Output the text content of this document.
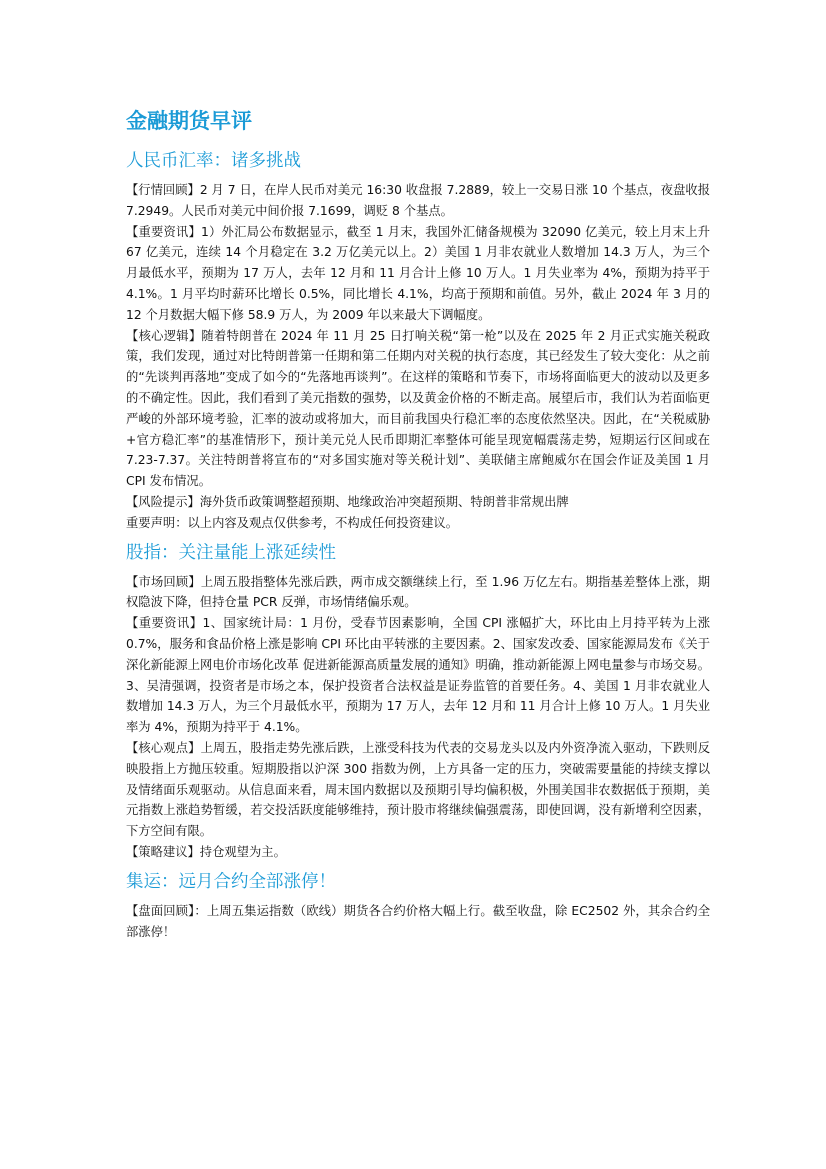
金融期货早评
人民币汇率：诸多挑战

【行情回顾】2 月 7 日，在岸人民币对美元 16:30 收盘报 7.2889，较上一交易日涨 10 个基点，夜盘收报 7.2949。人民币对美元中间价报 7.1699，调贬 8 个基点。

【重要资讯】1）外汇局公布数据显示，截至 1 月末，我国外汇储备规模为 32090 亿美元，较上月末上升 67 亿美元，连续 14 个月稳定在 3.2 万亿美元以上。2）美国 1 月非农就业人数增加 14.3 万人，为三个月最低水平，预期为 17 万人，去年 12 月和 11 月合计上修 10 万人。1 月失业率为 4%，预期为持平于 4.1%。1 月平均时薪环比增长 0.5%，同比增长 4.1%，均高于预期和前值。另外，截止 2024 年 3 月的 12 个月数据大幅下修 58.9 万人，为 2009 年以来最大下调幅度。

【核心逻辑】随着特朗普在 2024 年 11 月 25 日打响关税“第一枪”以及在 2025 年 2 月正式实施关税政策，我们发现，通过对比特朗普第一任期和第二任期内对关税的执行态度，其已经发生了较大变化：从之前的“先谈判再落地”变成了如今的“先落地再谈判”。在这样的策略和节奏下，市场将面临更大的波动以及更多的不确定性。因此，我们看到了美元指数的强势，以及黄金价格的不断走高。展望后市，我们认为若面临更严峻的外部环境考验，汇率的波动或将加大，而目前我国央行稳汇率的态度依然坚决。因此，在“关税威胁+官方稳汇率”的基准情形下，预计美元兑人民币即期汇率整体可能呈现宽幅震荡走势，短期运行区间或在 7.23-7.37。关注特朗普将宣布的“对多国实施对等关税计划”、美联储主席鲍威尔在国会作证及美国 1 月 CPI 发布情况。

【风险提示】海外货币政策调整超预期、地缘政治冲突超预期、特朗普非常规出牌

重要声明：以上内容及观点仅供参考，不构成任何投资建议。

股指：关注量能上涨延续性

【市场回顾】上周五股指整体先涨后跌，两市成交额继续上行，至 1.96 万亿左右。期指基差整体上涨，期权隐波下降，但持仓量 PCR 反弹，市场情绪偏乐观。

【重要资讯】1、国家统计局：1 月份，受春节因素影响，全国 CPI 涨幅扩大，环比由上月持平转为上涨 0.7%，服务和食品价格上涨是影响 CPI 环比由平转涨的主要因素。2、国家发改委、国家能源局发布《关于深化新能源上网电价市场化改革 促进新能源高质量发展的通知》明确，推动新能源上网电量参与市场交易。3、吴清强调，投资者是市场之本，保护投资者合法权益是证券监管的首要任务。4、美国 1 月非农就业人数增加 14.3 万人，为三个月最低水平，预期为 17 万人，去年 12 月和 11 月合计上修 10 万人。1 月失业率为 4%，预期为持平于 4.1%。

【核心观点】上周五，股指走势先涨后跌，上涨受科技为代表的交易龙头以及内外资净流入驱动，下跌则反映股指上方抛压较重。短期股指以沪深 300 指数为例，上方具备一定的压力，突破需要量能的持续支撑以及情绪面乐观驱动。从信息面来看，周末国内数据以及预期引导均偏积极，外围美国非农数据低于预期，美元指数上涨趋势暂缓，若交投活跃度能够维持，预计股市将继续偏强震荡，即使回调，没有新增利空因素，下方空间有限。

【策略建议】持仓观望为主。

集运：远月合约全部涨停！

【盘面回顾】：上周五集运指数（欧线）期货各合约价格大幅上行。截至收盘，除 EC2502 外，其余合约全部涨停！
